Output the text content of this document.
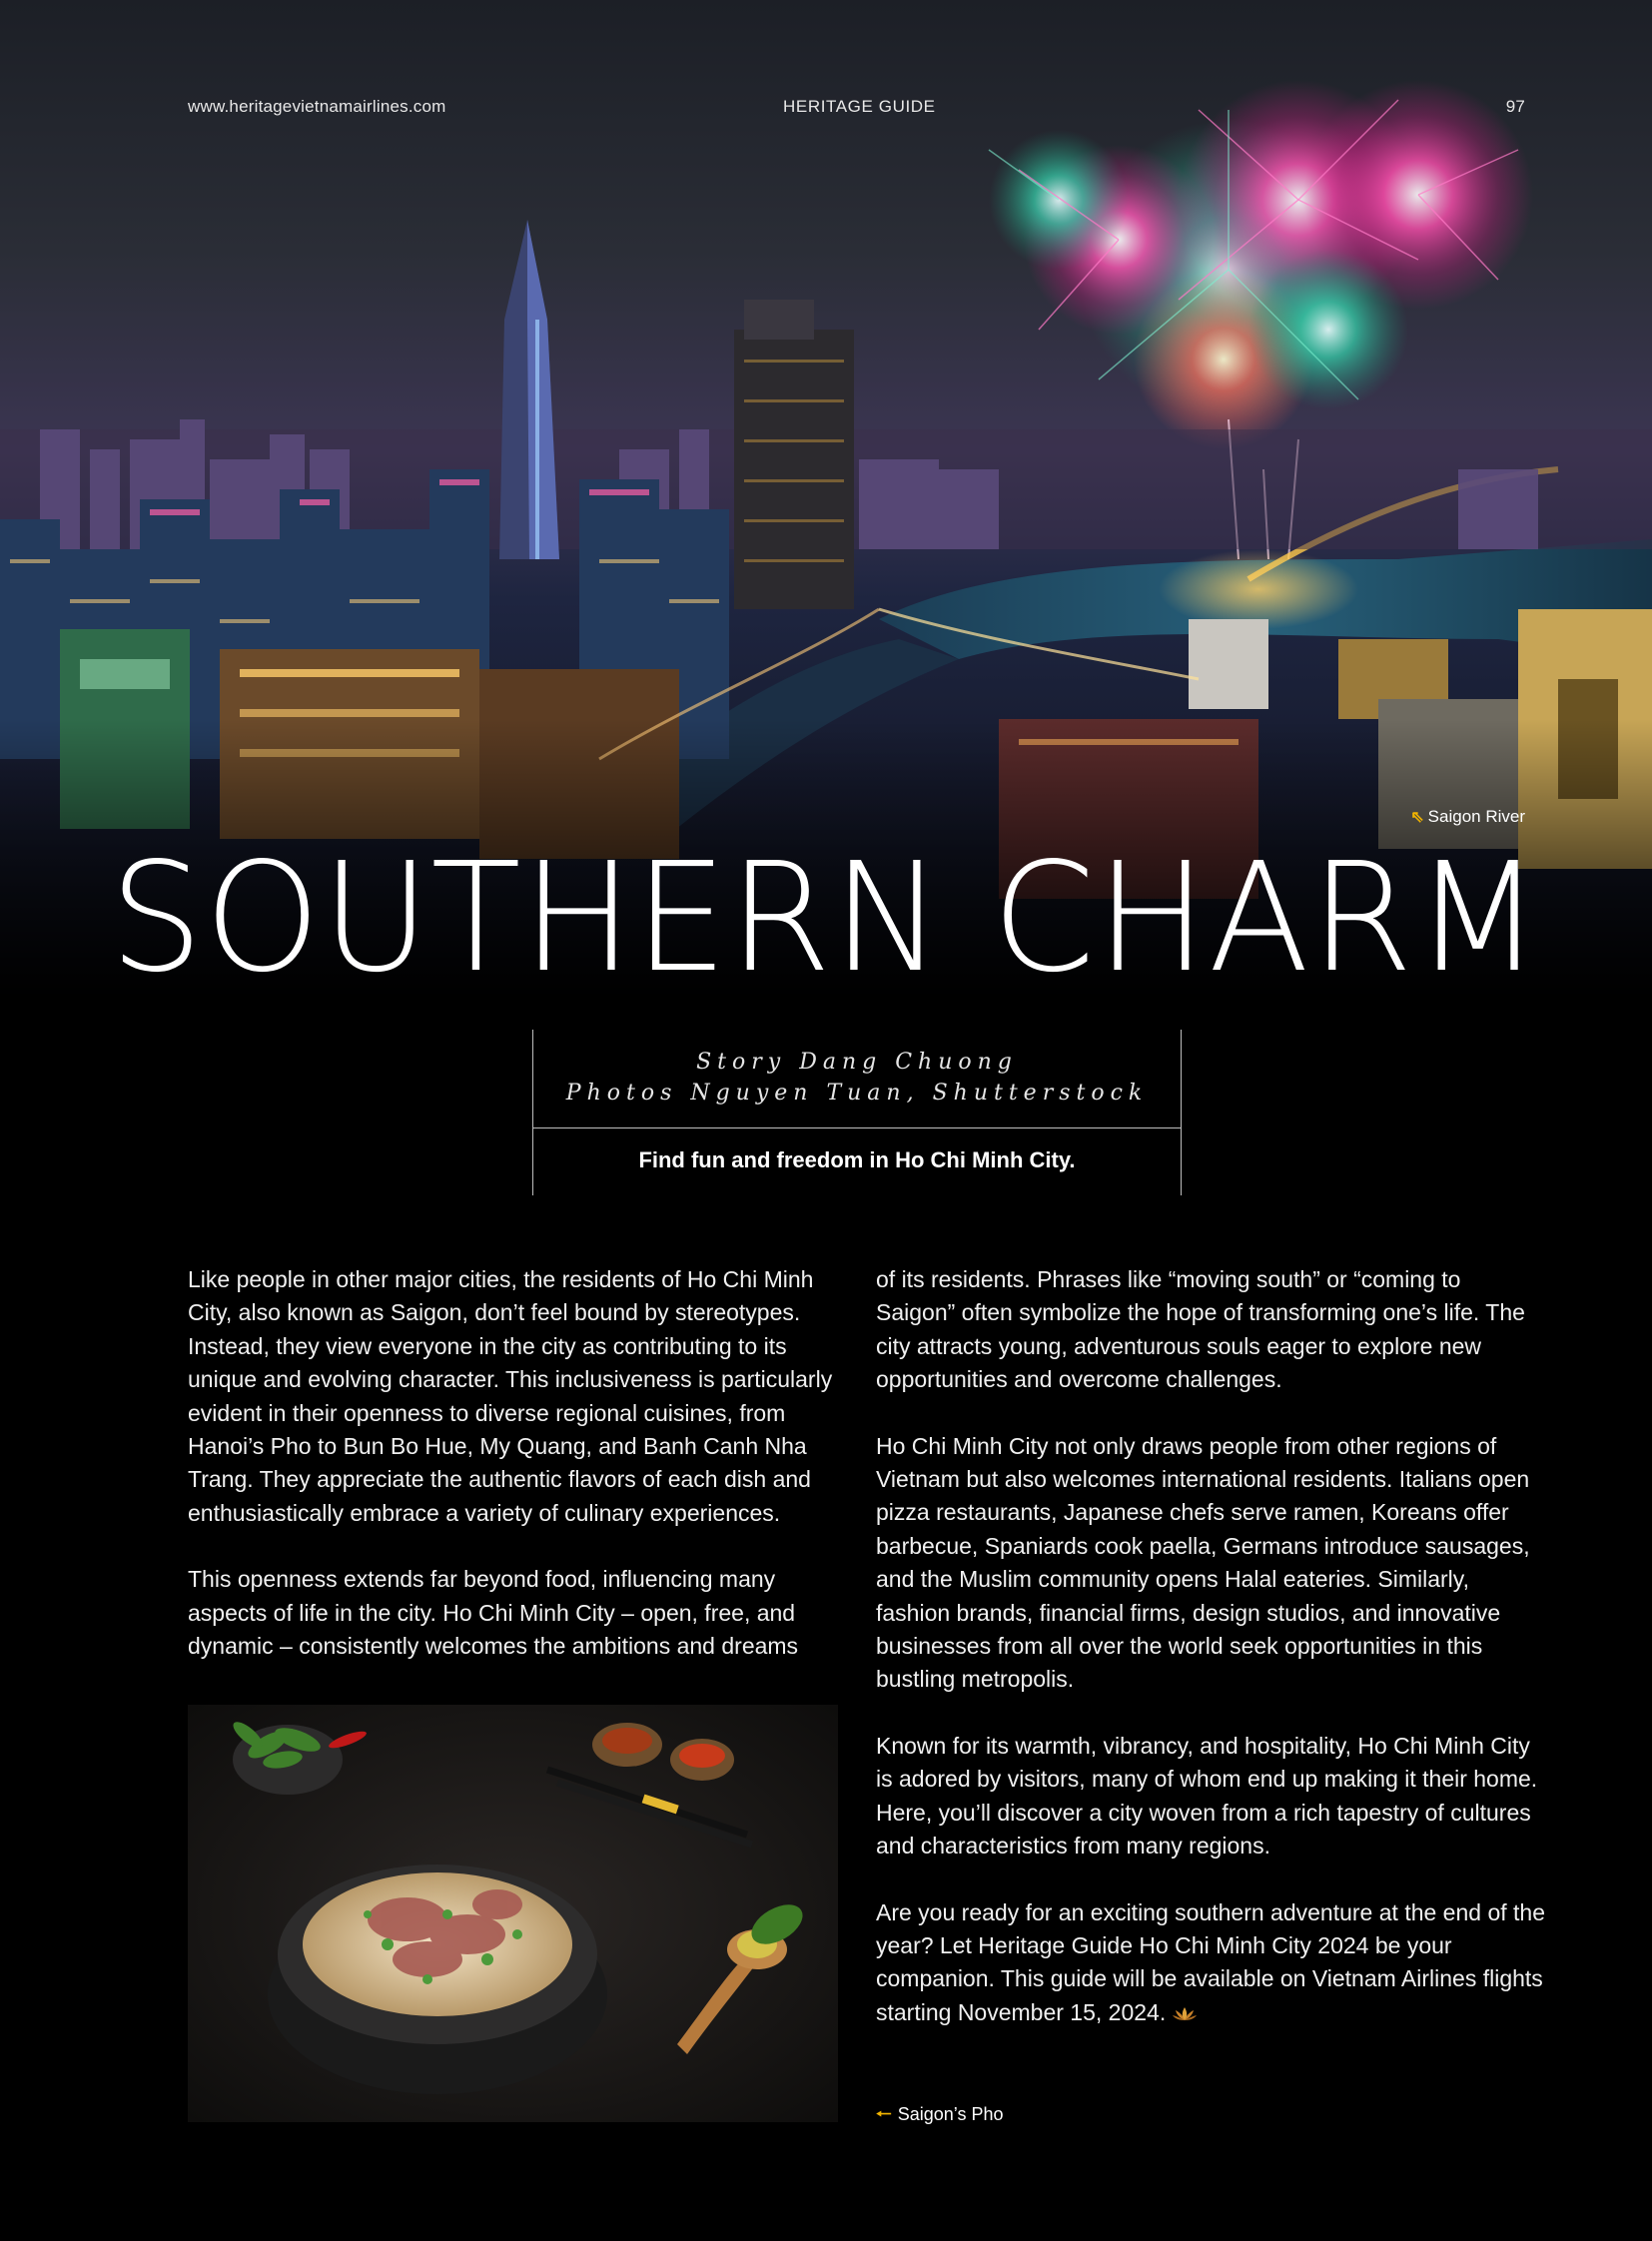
www.heritagevietnamairlines.com	HERITAGE GUIDE	97
⇖ Saigon River
SOUTHERN CHARM
Story Dang Chuong
Photos Nguyen Tuan, Shutterstock
Find fun and freedom in Ho Chi Minh City.

Like people in other major cities, the residents of Ho Chi Minh City, also known as Saigon, don’t feel bound by stereotypes. Instead, they view everyone in the city as contributing to its unique and evolving character. This inclusiveness is particularly evident in their openness to diverse regional cuisines, from Hanoi’s Pho to Bun Bo Hue, My Quang, and Banh Canh Nha Trang. They appreciate the authentic flavors of each dish and enthusiastically embrace a variety of culinary experiences.

This openness extends far beyond food, influencing many aspects of life in the city. Ho Chi Minh City – open, free, and dynamic – consistently welcomes the ambitions and dreams

of its residents. Phrases like “moving south” or “coming to Saigon” often symbolize the hope of transforming one’s life. The city attracts young, adventurous souls eager to explore new opportunities and overcome challenges.

Ho Chi Minh City not only draws people from other regions of Vietnam but also welcomes international residents. Italians open pizza restaurants, Japanese chefs serve ramen, Koreans offer barbecue, Spaniards cook paella, Germans introduce sausages, and the Muslim community opens Halal eateries. Similarly, fashion brands, financial firms, design studios, and innovative businesses from all over the world seek opportunities in this bustling metropolis.

Known for its warmth, vibrancy, and hospitality, Ho Chi Minh City is adored by visitors, many of whom end up making it their home. Here, you’ll discover a city woven from a rich tapestry of cultures and characteristics from many regions.

Are you ready for an exciting southern adventure at the end of the year? Let Heritage Guide Ho Chi Minh City 2024 be your companion. This guide will be available on Vietnam Airlines flights starting November 15, 2024.

🠐 Saigon’s Pho
